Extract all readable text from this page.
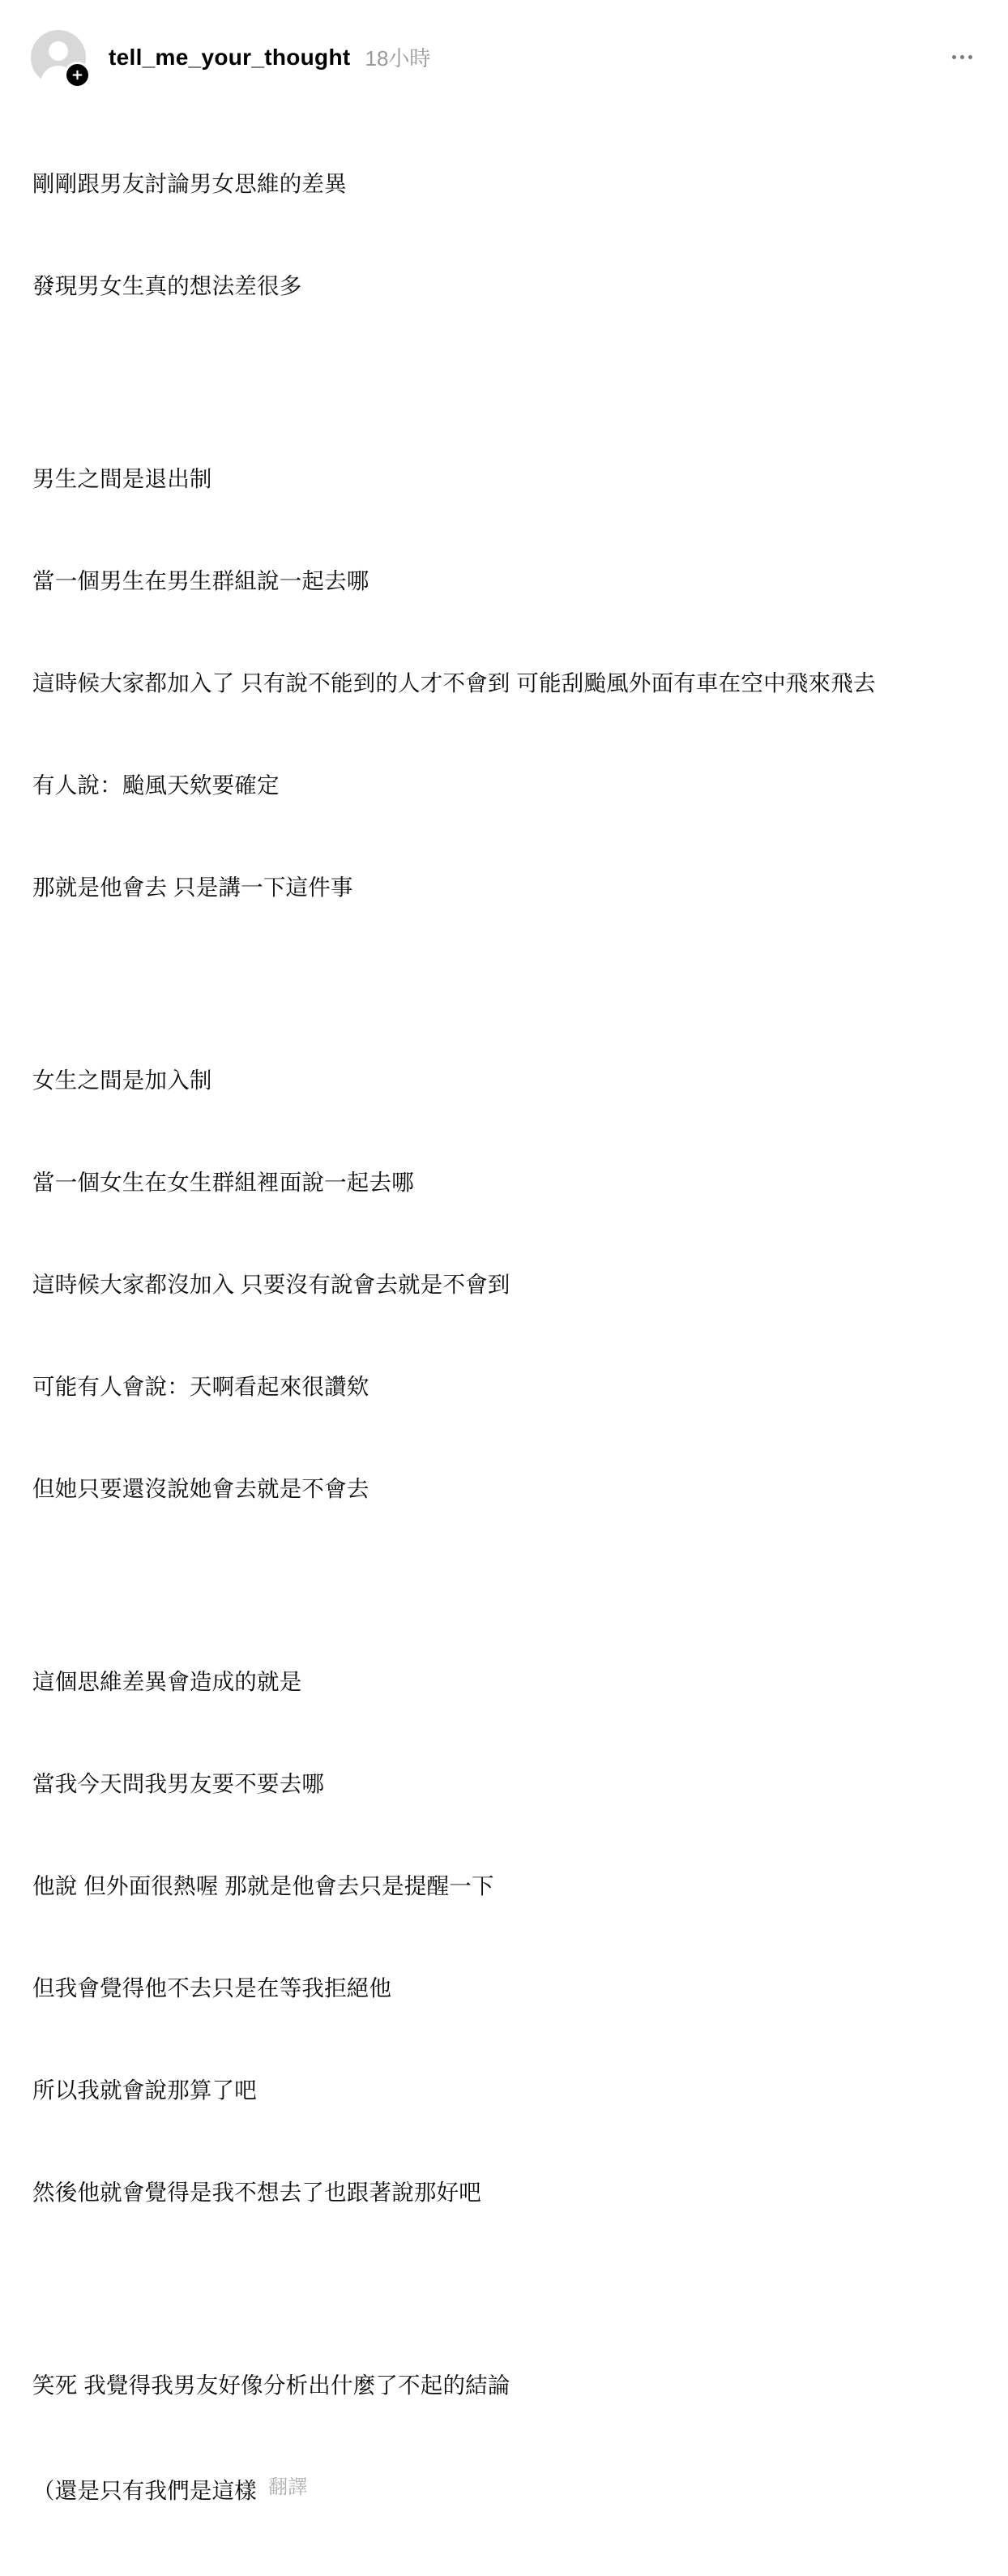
tell_me_your_thought 18小時

剛剛跟男友討論男女思維的差異

發現男女生真的想法差很多

男生之間是退出制

當一個男生在男生群組說一起去哪

這時候大家都加入了 只有說不能到的人才不會到 可能刮颱風外面有車在空中飛來飛去

有人說：颱風天欸要確定

那就是他會去 只是講一下這件事

女生之間是加入制

當一個女生在女生群組裡面說一起去哪

這時候大家都沒加入 只要沒有說會去就是不會到

可能有人會說：天啊看起來很讚欸

但她只要還沒說她會去就是不會去

這個思維差異會造成的就是

當我今天問我男友要不要去哪

他說 但外面很熱喔 那就是他會去只是提醒一下

但我會覺得他不去只是在等我拒絕他

所以我就會說那算了吧

然後他就會覺得是我不想去了也跟著說那好吧

笑死 我覺得我男友好像分析出什麼了不起的結論

（還是只有我們是這樣 翻譯
